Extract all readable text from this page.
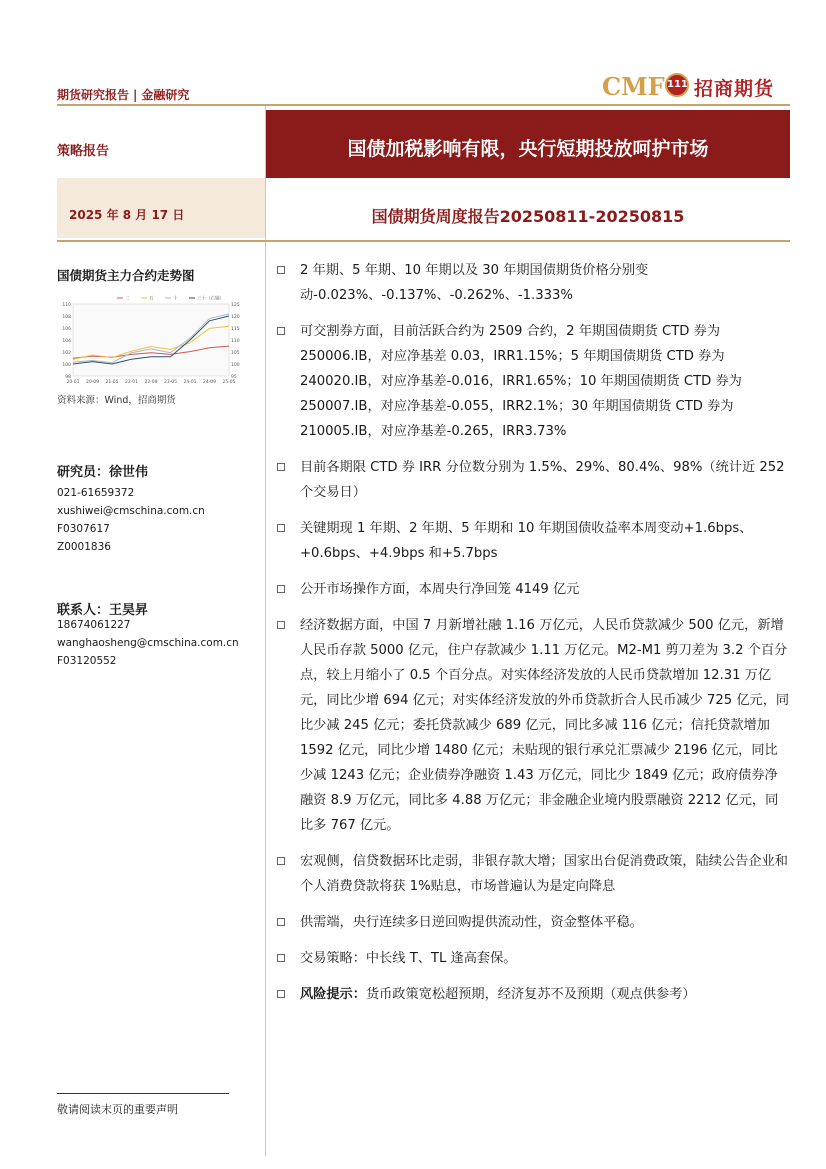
期货研究报告 | 金融研究	CMF 111 招商期货
策略报告	国债加税影响有限，央行短期投放呵护市场
2025 年 8 月 17 日	国债期货周度报告20250811-20250815
国债期货主力合约走势图
110
108
106
104
102
100
98
125
120
115
110
105
100
95
20-01 20-09 21-05 22-01 22-09 23-05 24-01 24-09 25-05
二	五	十	三十（右轴）
资料来源：Wind，招商期货
研究员：徐世伟
021-61659372
xushiwei@cmschina.com.cn
F0307617
Z0001836
联系人：王昊昇
18674061227
wanghaosheng@cmschina.com.cn
F03120552
2 年期、5 年期、10 年期以及 30 年期国债期货价格分别变动-0.023%、-0.137%、-0.262%、-1.333%
可交割券方面，目前活跃合约为 2509 合约，2 年期国债期货 CTD 券为 250006.IB，对应净基差 0.03，IRR1.15%；5 年期国债期货 CTD 券为 240020.IB，对应净基差-0.016，IRR1.65%；10 年期国债期货 CTD 券为 250007.IB，对应净基差-0.055，IRR2.1%；30 年期国债期货 CTD 券为 210005.IB，对应净基差-0.265，IRR3.73%
目前各期限 CTD 券 IRR 分位数分别为 1.5%、29%、80.4%、98%（统计近 252 个交易日）
关键期现 1 年期、2 年期、5 年期和 10 年期国债收益率本周变动+1.6bps、+0.6bps、+4.9bps 和+5.7bps
公开市场操作方面，本周央行净回笼 4149 亿元
经济数据方面，中国 7 月新增社融 1.16 万亿元，人民币贷款减少 500 亿元，新增人民币存款 5000 亿元，住户存款减少 1.11 万亿元。M2-M1 剪刀差为 3.2 个百分点，较上月缩小了 0.5 个百分点。对实体经济发放的人民币贷款增加 12.31 万亿元，同比少增 694 亿元；对实体经济发放的外币贷款折合人民币减少 725 亿元，同比少减 245 亿元；委托贷款减少 689 亿元，同比多减 116 亿元；信托贷款增加 1592 亿元，同比少增 1480 亿元；未贴现的银行承兑汇票减少 2196 亿元，同比少减 1243 亿元；企业债券净融资 1.43 万亿元，同比少 1849 亿元；政府债券净融资 8.9 万亿元，同比多 4.88 万亿元；非金融企业境内股票融资 2212 亿元，同比多 767 亿元。
宏观侧，信贷数据环比走弱，非银存款大增；国家出台促消费政策，陆续公告企业和个人消费贷款将获 1%贴息，市场普遍认为是定向降息
供需端，央行连续多日逆回购提供流动性，资金整体平稳。
交易策略：中长线 T、TL 逢高套保。
风险提示：货币政策宽松超预期，经济复苏不及预期（观点供参考）
敬请阅读末页的重要声明
